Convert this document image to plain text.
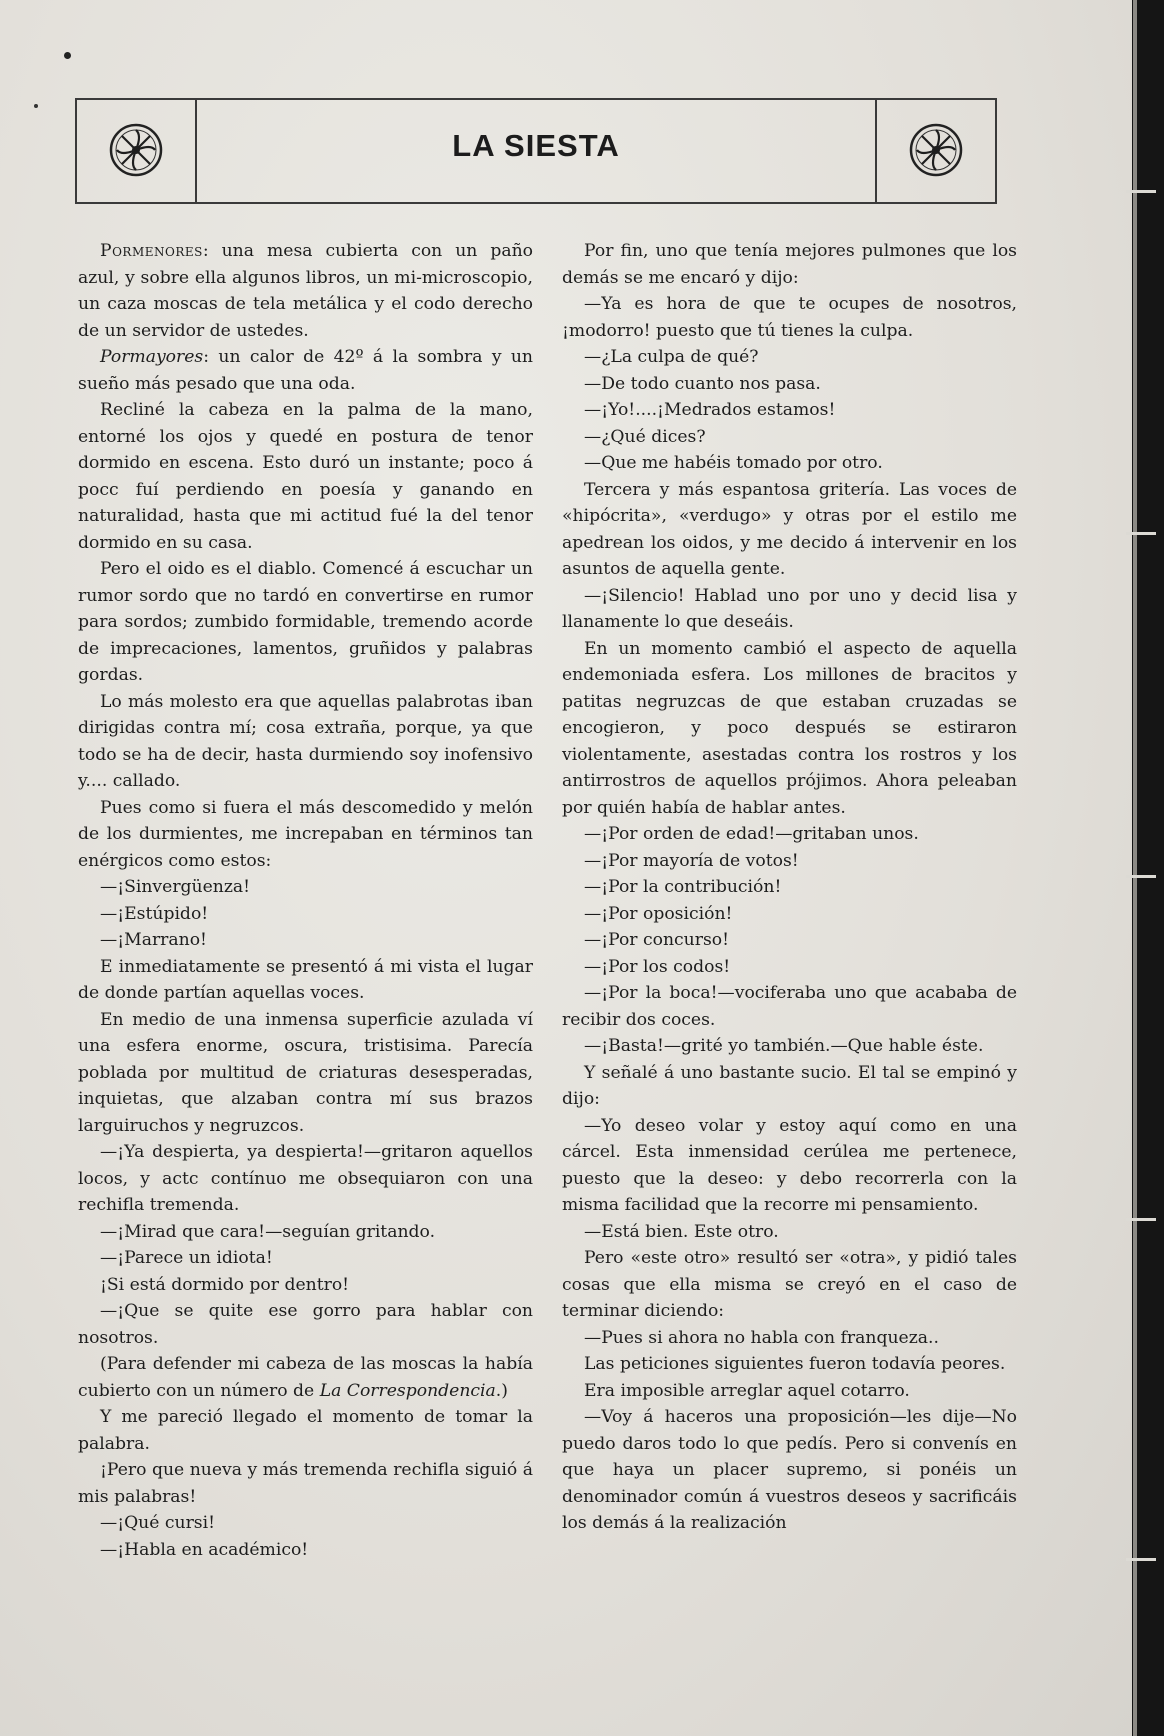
LA SIESTA

Pormenores: una mesa cubierta con un paño azul, y sobre ella algunos libros, un mi-microscopio, un caza moscas de tela metálica y el codo derecho de un servidor de ustedes.

Pormayores: un calor de 42º á la sombra y un sueño más pesado que una oda.

Recliné la cabeza en la palma de la mano, entorné los ojos y quedé en postura de tenor dormido en escena. Esto duró un instante; poco á pocc fuí perdiendo en poesía y ganando en naturalidad, hasta que mi actitud fué la del tenor dormido en su casa.

Pero el oido es el diablo. Comencé á escuchar un rumor sordo que no tardó en convertirse en rumor para sordos; zumbido formidable, tremendo acorde de imprecaciones, lamentos, gruñidos y palabras gordas.

Lo más molesto era que aquellas palabrotas iban dirigidas contra mí; cosa extraña, porque, ya que todo se ha de decir, hasta durmiendo soy inofensivo y.... callado.

Pues como si fuera el más descomedido y melón de los durmientes, me increpaban en términos tan enérgicos como estos:

—¡Sinvergüenza!

—¡Estúpido!

—¡Marrano!

E inmediatamente se presentó á mi vista el lugar de donde partían aquellas voces.

En medio de una inmensa superficie azulada ví una esfera enorme, oscura, tristisima. Parecía poblada por multitud de criaturas desesperadas, inquietas, que alzaban contra mí sus brazos larguiruchos y negruzcos.

—¡Ya despierta, ya despierta!—gritaron aquellos locos, y actc contínuo me obsequiaron con una rechifla tremenda.

—¡Mirad que cara!—seguían gritando.

—¡Parece un idiota!

¡Si está dormido por dentro!

—¡Que se quite ese gorro para hablar con nosotros.

(Para defender mi cabeza de las moscas la había cubierto con un número de La Correspondencia.)

Y me pareció llegado el momento de tomar la palabra.

¡Pero que nueva y más tremenda rechifla siguió á mis palabras!

—¡Qué cursi!

—¡Habla en académico!

Por fin, uno que tenía mejores pulmones que los demás se me encaró y dijo:

—Ya es hora de que te ocupes de nosotros, ¡modorro! puesto que tú tienes la culpa.

—¿La culpa de qué?

—De todo cuanto nos pasa.

—¡Yo!....¡Medrados estamos!

—¿Qué dices?

—Que me habéis tomado por otro.

Tercera y más espantosa gritería. Las voces de «hipócrita», «verdugo» y otras por el estilo me apedrean los oidos, y me decido á intervenir en los asuntos de aquella gente.

—¡Silencio! Hablad uno por uno y decid lisa y llanamente lo que deseáis.

En un momento cambió el aspecto de aquella endemoniada esfera. Los millones de bracitos y patitas negruzcas de que estaban cruzadas se encogieron, y poco después se estiraron violentamente, asestadas contra los rostros y los antirrostros de aquellos prójimos. Ahora peleaban por quién había de hablar antes.

—¡Por orden de edad!—gritaban unos.

—¡Por mayoría de votos!

—¡Por la contribución!

—¡Por oposición!

—¡Por concurso!

—¡Por los codos!

—¡Por la boca!—vociferaba uno que acababa de recibir dos coces.

—¡Basta!—grité yo también.—Que hable éste.

Y señalé á uno bastante sucio. El tal se empinó y dijo:

—Yo deseo volar y estoy aquí como en una cárcel. Esta inmensidad cerúlea me pertenece, puesto que la deseo: y debo recorrerla con la misma facilidad que la recorre mi pensamiento.

—Está bien. Este otro.

Pero «este otro» resultó ser «otra», y pidió tales cosas que ella misma se creyó en el caso de terminar diciendo:

—Pues si ahora no habla con franqueza..

Las peticiones siguientes fueron todavía peores.

Era imposible arreglar aquel cotarro.

—Voy á haceros una proposición—les dije—No puedo daros todo lo que pedís. Pero si convenís en que haya un placer supremo, si ponéis un denominador común á vuestros deseos y sacrificáis los demás á la realización
